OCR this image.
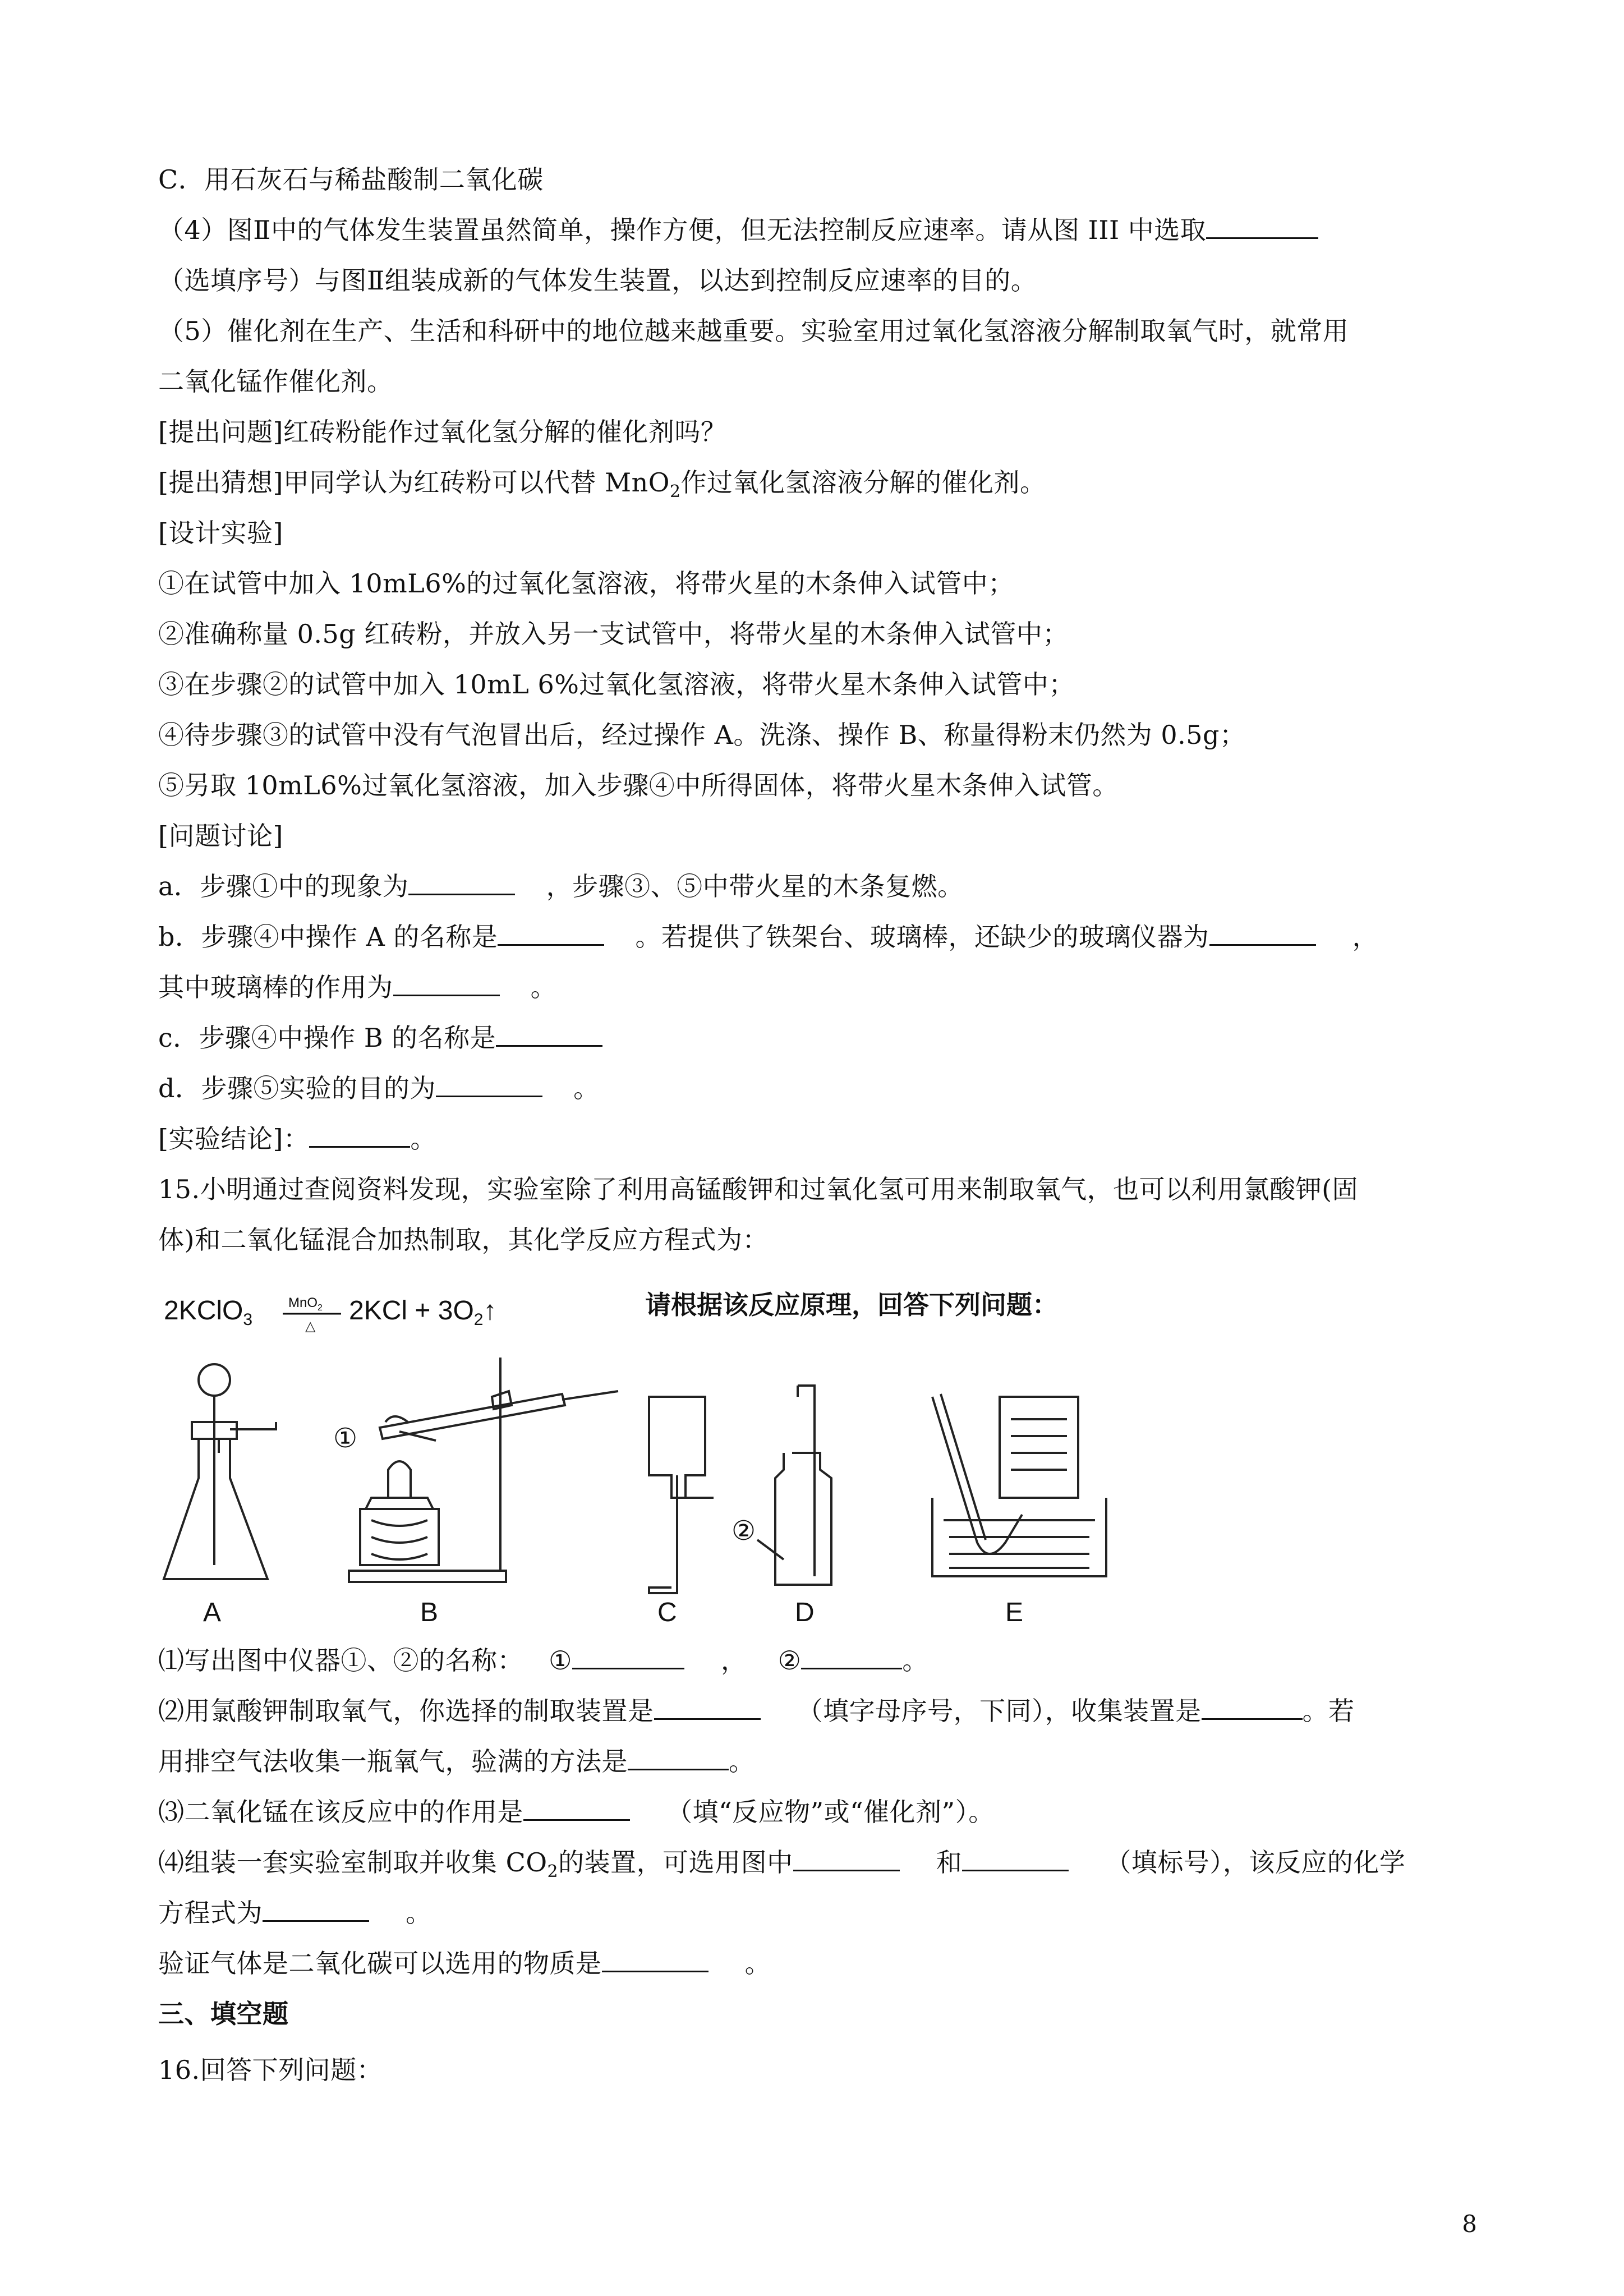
C．用石灰石与稀盐酸制二氧化碳
（4）图Ⅱ中的气体发生装置虽然简单，操作方便，但无法控制反应速率。请从图 III 中选取
（选填序号）与图Ⅱ组装成新的气体发生装置，以达到控制反应速率的目的。
（5）催化剂在生产、生活和科研中的地位越来越重要。实验室用过氧化氢溶液分解制取氧气时，就常用
二氧化锰作催化剂。
[提出问题]红砖粉能作过氧化氢分解的催化剂吗？
[提出猜想]甲同学认为红砖粉可以代替 MnO$_2$作过氧化氢溶液分解的催化剂。
[设计实验]
①在试管中加入 10mL6%的过氧化氢溶液，将带火星的木条伸入试管中；
②准确称量 0.5g 红砖粉，并放入另一支试管中，将带火星的木条伸入试管中；
③在步骤②的试管中加入 10mL 6%过氧化氢溶液，将带火星木条伸入试管中；
④待步骤③的试管中没有气泡冒出后，经过操作 A。洗涤、操作 B、称量得粉末仍然为 0.5g；
⑤另取 10mL6%过氧化氢溶液，加入步骤④中所得固体，将带火星木条伸入试管。
[问题讨论]
a．步骤①中的现象为	，步骤③、⑤中带火星的木条复燃。
b．步骤④中操作 A 的名称是	。若提供了铁架台、玻璃棒，还缺少的玻璃仪器为	，
其中玻璃棒的作用为	。
c．步骤④中操作 B 的名称是
d．步骤⑤实验的目的为	。
[实验结论]：	。
15.小明通过查阅资料发现，实验室除了利用高锰酸钾和过氧化氢可用来制取氧气，也可以利用氯酸钾(固
体)和二氧化锰混合加热制取，其化学反应方程式为：
2KClO$_3$
MnO$_2$
△
$2KCl + 3O_2↑$	请根据该反应原理，回答下列问题：
①
②
A	B	C	D	E
⑴写出图中仪器①、②的名称： ①	， ②	。
⑵用氯酸钾制取氧气，你选择的制取装置是	（填字母序号，下同），收集装置是	。若
用排空气法收集一瓶氧气，验满的方法是	。
⑶二氧化锰在该反应中的作用是	（填“反应物”或“催化剂”）。
⑷组装一套实验室制取并收集 $CO_2$的装置，可选用图中	和	（填标号），该反应的化学
方程式为	。
验证气体是二氧化碳可以选用的物质是	。
三、填空题
16.回答下列问题：
8
